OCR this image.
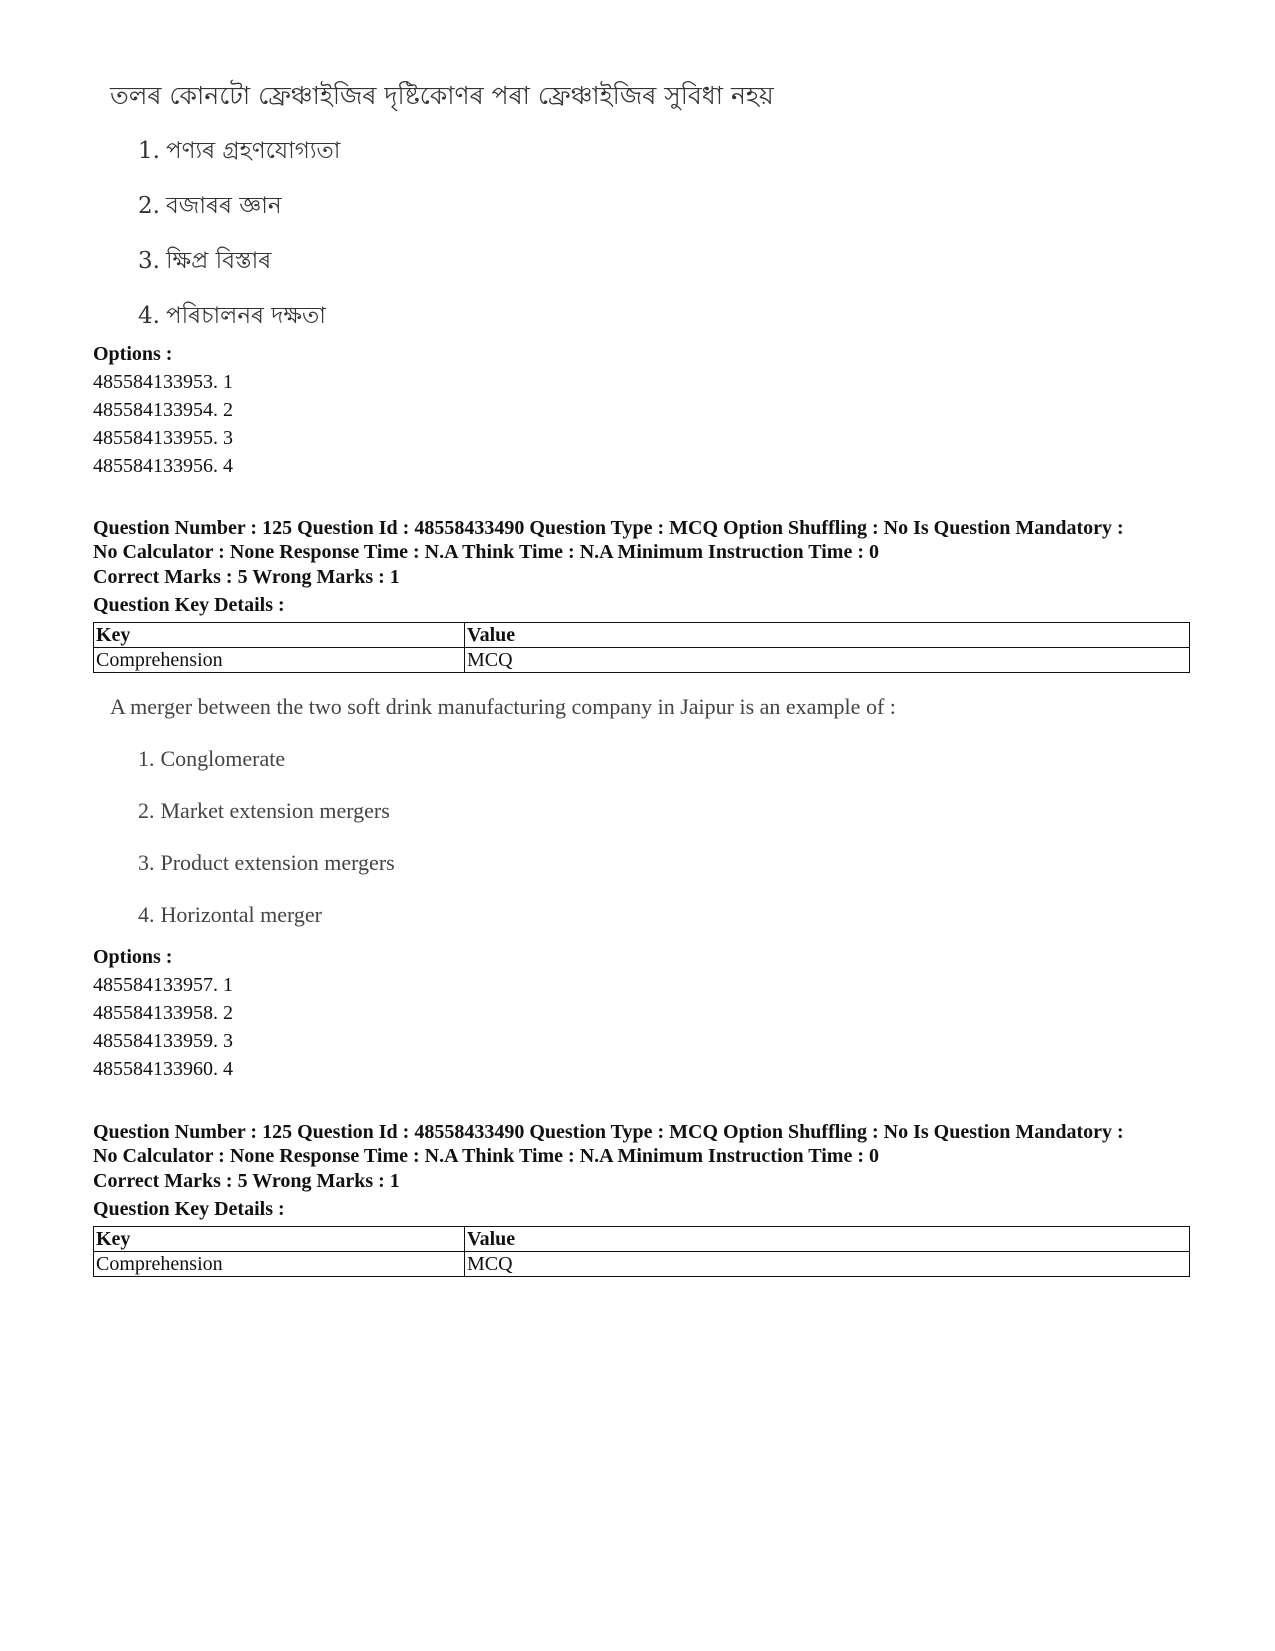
তলৰ কোনটো ফ্ৰেঞ্চাইজিৰ দৃষ্টিকোণৰ পৰা ফ্ৰেঞ্চাইজিৰ সুবিধা নহয়
1. পণ্যৰ গ্ৰহণযোগ্যতা
2. বজাৰৰ জ্ঞান
3. ক্ষিপ্ৰ বিস্তাৰ
4. পৰিচালনৰ দক্ষতা
Options :
485584133953. 1
485584133954. 2
485584133955. 3
485584133956. 4
Question Number : 125 Question Id : 48558433490 Question Type : MCQ Option Shuffling : No Is Question Mandatory :
No Calculator : None Response Time : N.A Think Time : N.A Minimum Instruction Time : 0
Correct Marks : 5 Wrong Marks : 1
Question Key Details :
Key	Value
Comprehension	MCQ
A merger between the two soft drink manufacturing company in Jaipur is an example of :
1. Conglomerate
2. Market extension mergers
3. Product extension mergers
4. Horizontal merger
Options :
485584133957. 1
485584133958. 2
485584133959. 3
485584133960. 4
Question Number : 125 Question Id : 48558433490 Question Type : MCQ Option Shuffling : No Is Question Mandatory :
No Calculator : None Response Time : N.A Think Time : N.A Minimum Instruction Time : 0
Correct Marks : 5 Wrong Marks : 1
Question Key Details :
Key	Value
Comprehension	MCQ
